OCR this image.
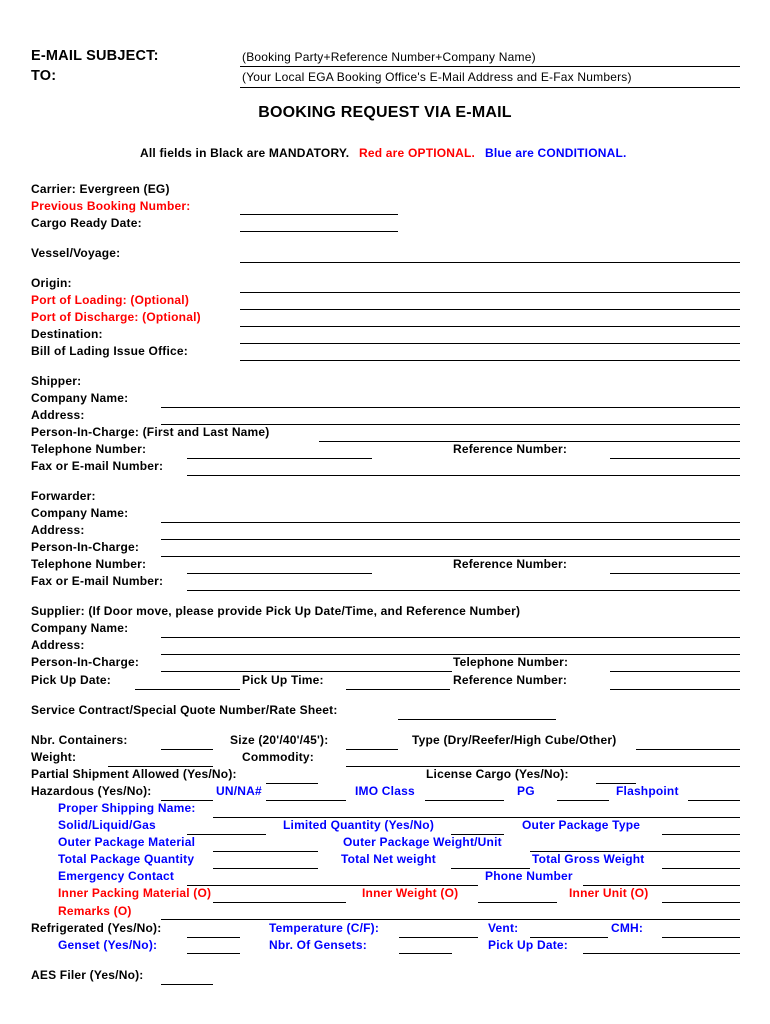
E-MAIL SUBJECT:
TO:
(Booking Party+Reference Number+Company Name)
(Your Local EGA Booking Office's E-Mail Address and E-Fax Numbers)
BOOKING REQUEST VIA E-MAIL
All fields in Black are MANDATORY. Red are OPTIONAL. Blue are CONDITIONAL.
Carrier: Evergreen (EG)
Previous Booking Number:
Cargo Ready Date:
Vessel/Voyage:
Origin:
Port of Loading: (Optional)
Port of Discharge: (Optional)
Destination:
Bill of Lading Issue Office:
Shipper:
Company Name:
Address:
Person-In-Charge: (First and Last Name)
Telephone Number:	Reference Number:
Fax or E-mail Number:
Forwarder:
Company Name:
Address:
Person-In-Charge:
Telephone Number:	Reference Number:
Fax or E-mail Number:
Supplier: (If Door move, please provide Pick Up Date/Time, and Reference Number)
Company Name:
Address:
Person-In-Charge:	Telephone Number:
Pick Up Date:	Pick Up Time:	Reference Number:
Service Contract/Special Quote Number/Rate Sheet:
Nbr. Containers:	Size (20'/40'/45'):	Type (Dry/Reefer/High Cube/Other)
Weight:	Commodity:
Partial Shipment Allowed (Yes/No):	License Cargo (Yes/No):
Hazardous (Yes/No):	UN/NA#	IMO Class	PG	Flashpoint
Proper Shipping Name:
Solid/Liquid/Gas	Limited Quantity (Yes/No)	Outer Package Type
Outer Package Material	Outer Package Weight/Unit
Total Package Quantity	Total Net weight	Total Gross Weight
Emergency Contact	Phone Number
Inner Packing Material (O)	Inner Weight (O)	Inner Unit (O)
Remarks (O)
Refrigerated (Yes/No):	Temperature (C/F):	Vent:	CMH:
Genset (Yes/No):	Nbr. Of Gensets:	Pick Up Date:
AES Filer (Yes/No):
